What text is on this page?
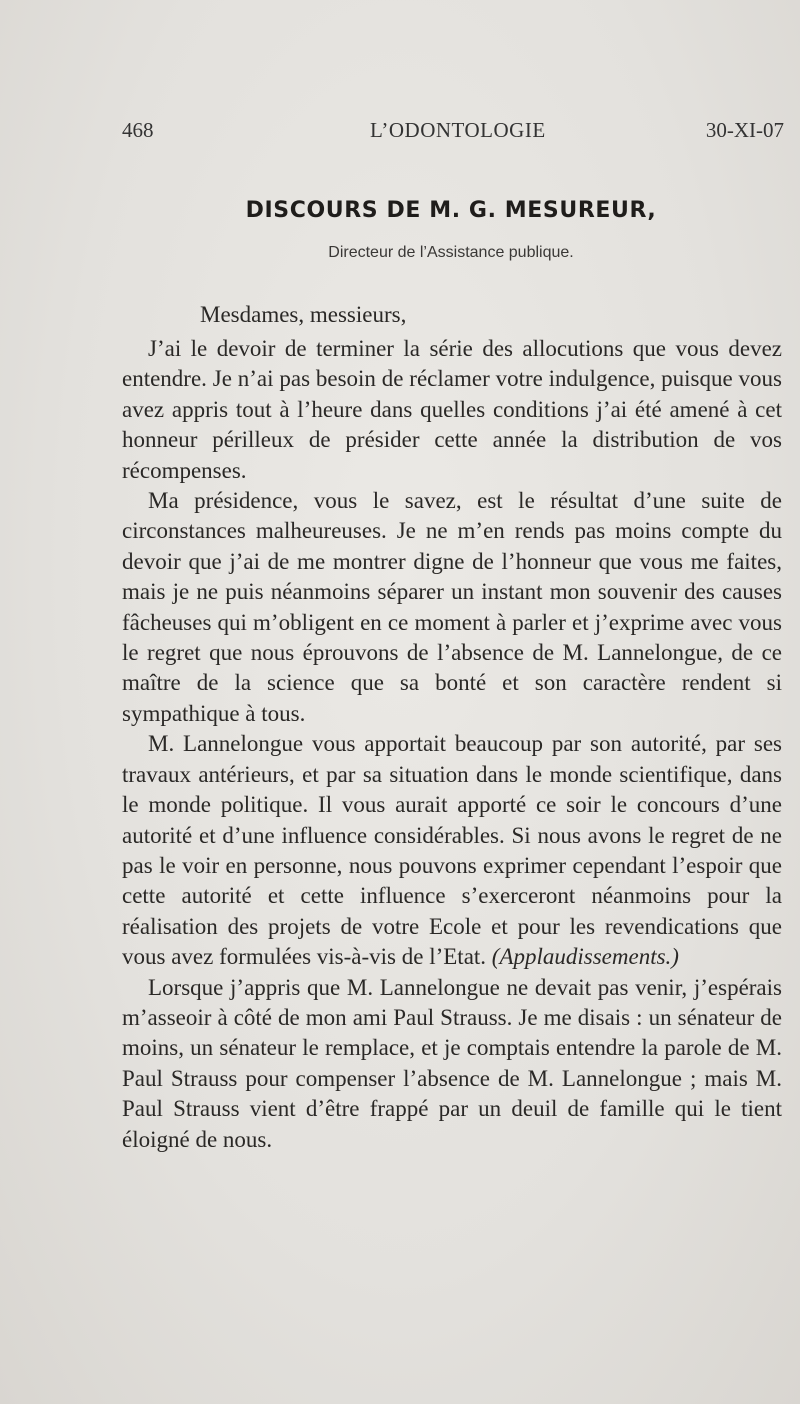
468	L’ODONTOLOGIE	30-XI-07
DISCOURS DE M. G. MESUREUR,
Directeur de l’Assistance publique.
Mesdames, messieurs,

J’ai le devoir de terminer la série des allocutions que vous devez entendre. Je n’ai pas besoin de réclamer votre indulgence, puisque vous avez appris tout à l’heure dans quelles conditions j’ai été amené à cet honneur périlleux de présider cette année la distribution de vos récompenses.

Ma présidence, vous le savez, est le résultat d’une suite de circonstances malheureuses. Je ne m’en rends pas moins compte du devoir que j’ai de me montrer digne de l’honneur que vous me faites, mais je ne puis néanmoins séparer un instant mon souvenir des causes fâcheuses qui m’obligent en ce moment à parler et j’exprime avec vous le regret que nous éprouvons de l’absence de M. Lannelongue, de ce maître de la science que sa bonté et son caractère rendent si sympathique à tous.

M. Lannelongue vous apportait beaucoup par son autorité, par ses travaux antérieurs, et par sa situation dans le monde scientifique, dans le monde politique. Il vous aurait apporté ce soir le concours d’une autorité et d’une influence considérables. Si nous avons le regret de ne pas le voir en personne, nous pouvons exprimer cependant l’espoir que cette autorité et cette influence s’exerceront néanmoins pour la réalisation des projets de votre Ecole et pour les revendications que vous avez formulées vis-à-vis de l’Etat. (Applaudissements.)

Lorsque j’appris que M. Lannelongue ne devait pas venir, j’espérais m’asseoir à côté de mon ami Paul Strauss. Je me disais : un sénateur de moins, un sénateur le remplace, et je comptais entendre la parole de M. Paul Strauss pour compenser l’absence de M. Lannelongue ; mais M. Paul Strauss vient d’être frappé par un deuil de famille qui le tient éloigné de nous.
